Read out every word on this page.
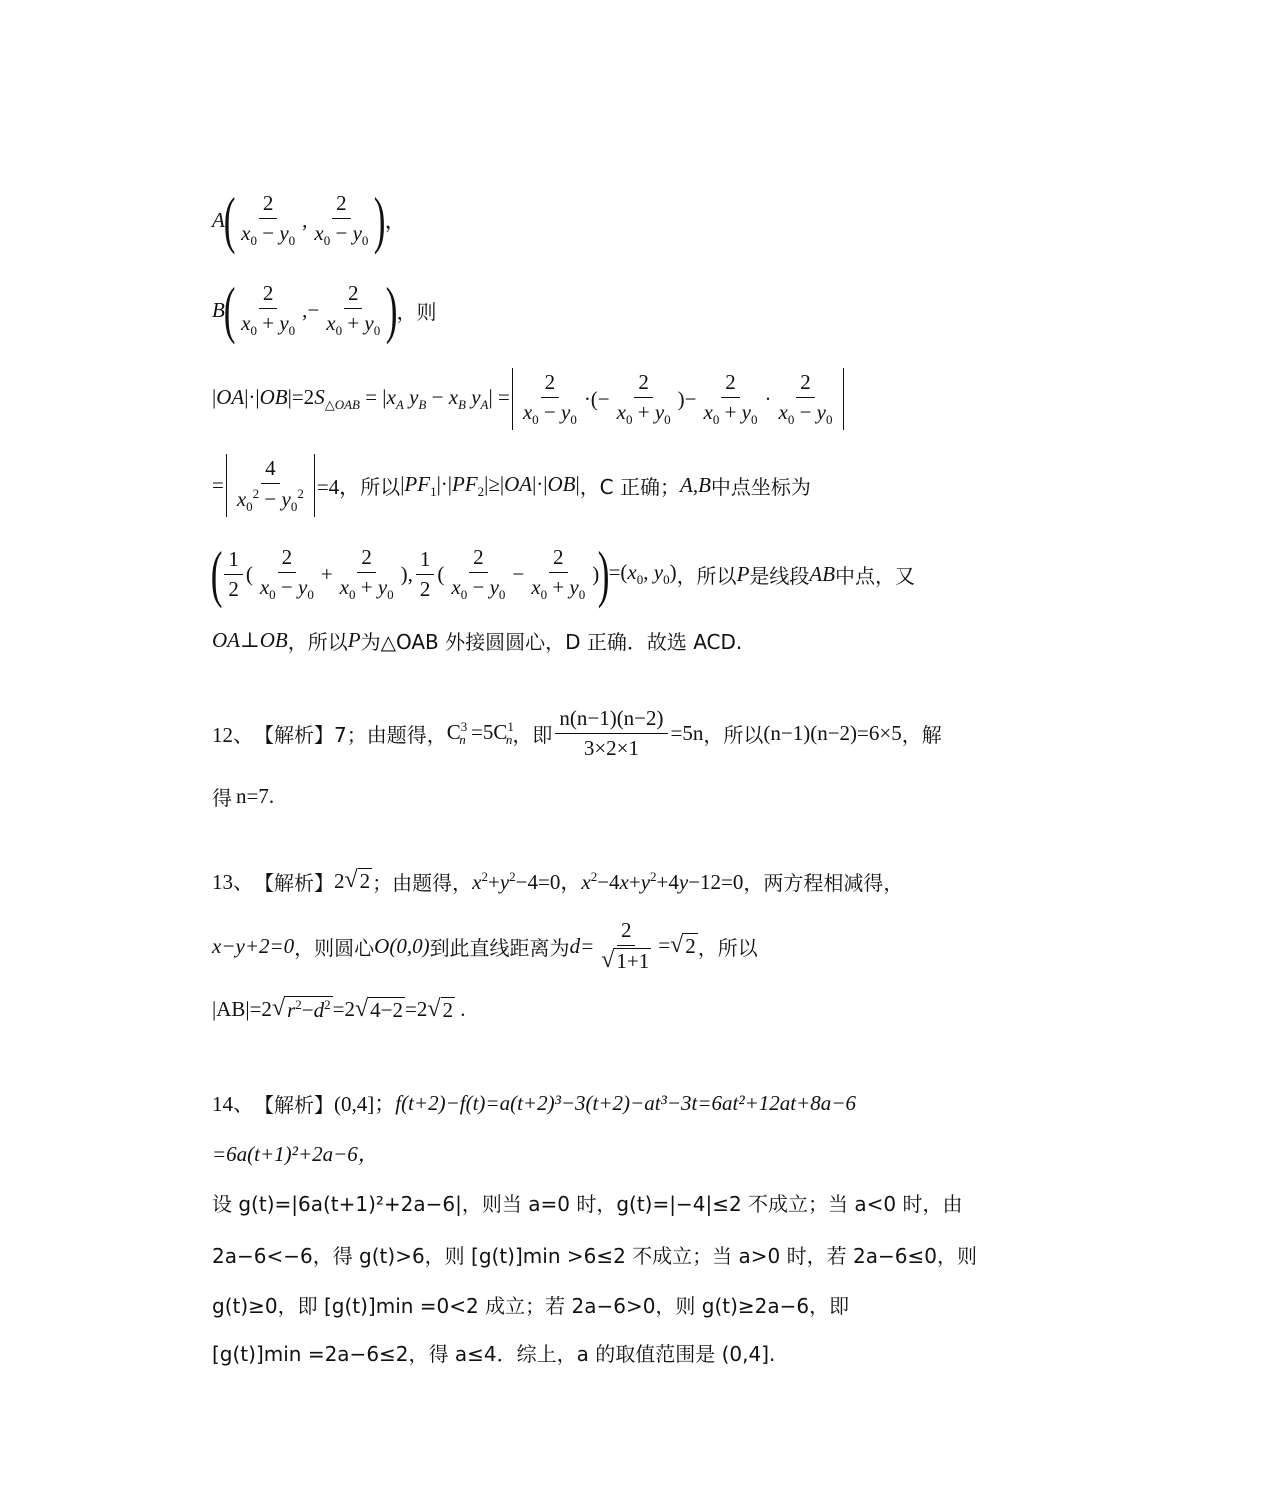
A
( $\frac{2}{x_0 - y_0}$ , $\frac{2}{x_0 - y_0}$ )
，
B
( $\frac{2}{x_0 + y_0}$ ,− $\frac{2}{x_0 + y_0}$ )
，则
$|OA|\cdot|OB|=2S_{\triangle OAB} = |x_A$ $y_B - x_B$ $y_A| = \frac{2}{x_0 - y_0}$ ·(− $\frac{2}{x_0 + y_0}$ )− $\frac{2}{x_0 + y_0} \cdot \frac{2}{x_0 - y_0}$
= $\frac{4}{x_0^2 - y_0^2} =4$， 所以 $|PF_1|\cdot|PF_2|\ge|OA|\cdot|OB|$ ，C 正确； A,B 中点坐标为
( $\frac{1}{2}$ ( $\frac{2}{x_0 - y_0} + \frac{2}{x_0 + y_0}$ ), $\frac{1}{2}$ ( $\frac{2}{x_0 - y_0} - \frac{2}{x_0 + y_0}$ )
)
$=(x_0$, $y_0$) ，所以 P 是线段 AB 中点，又
OA⊥OB ，所以 P 为△OAB 外接圆圆心，D 正确．故选 ACD.
12、 【解析】 7；由题得， $C^3_n =5C^1_n$ ，即 $\frac{n(n-1)(n-2)}{3\times 2\times 1} =5n$ ，所以 (n−1)(n−2)=6×5 ，解
得 n=7 .
13、 【解析】 2 √ 2 ；由题得， $x^2+y^2-4=0$，$x^2-4x+y^2+4y-12=0$ ，两方程相减得，
x−y+2=0 ，则圆心 O(0,0) 到此直线距离为 $d= \frac{2}{√ 1+1}$ = √ 2 ，所以
|AB|=2 √ $r^2-d^2 =2$ √ 4−2 =2 √ 2 .
14、 【解析】 (0,4]； f(t+2)−f(t)=a(t+2)³−3(t+2)−at³−3t=6at²+12at+8a−6
=6a(t+1)²+2a−6，
设 g(t)=|6a(t+1)²+2a−6|，则当 a=0 时，g(t)=|−4|≤2 不成立；当 a<0 时，由
2a−6<−6，得 g(t)>6，则 [g(t)]min >6≤2 不成立；当 a>0 时，若 2a−6≤0，则
g(t)≥0，即 [g(t)]min =0<2 成立；若 2a−6>0，则 g(t)≥2a−6，即
[g(t)]min =2a−6≤2，得 a≤4．综上，a 的取值范围是 (0,4].
